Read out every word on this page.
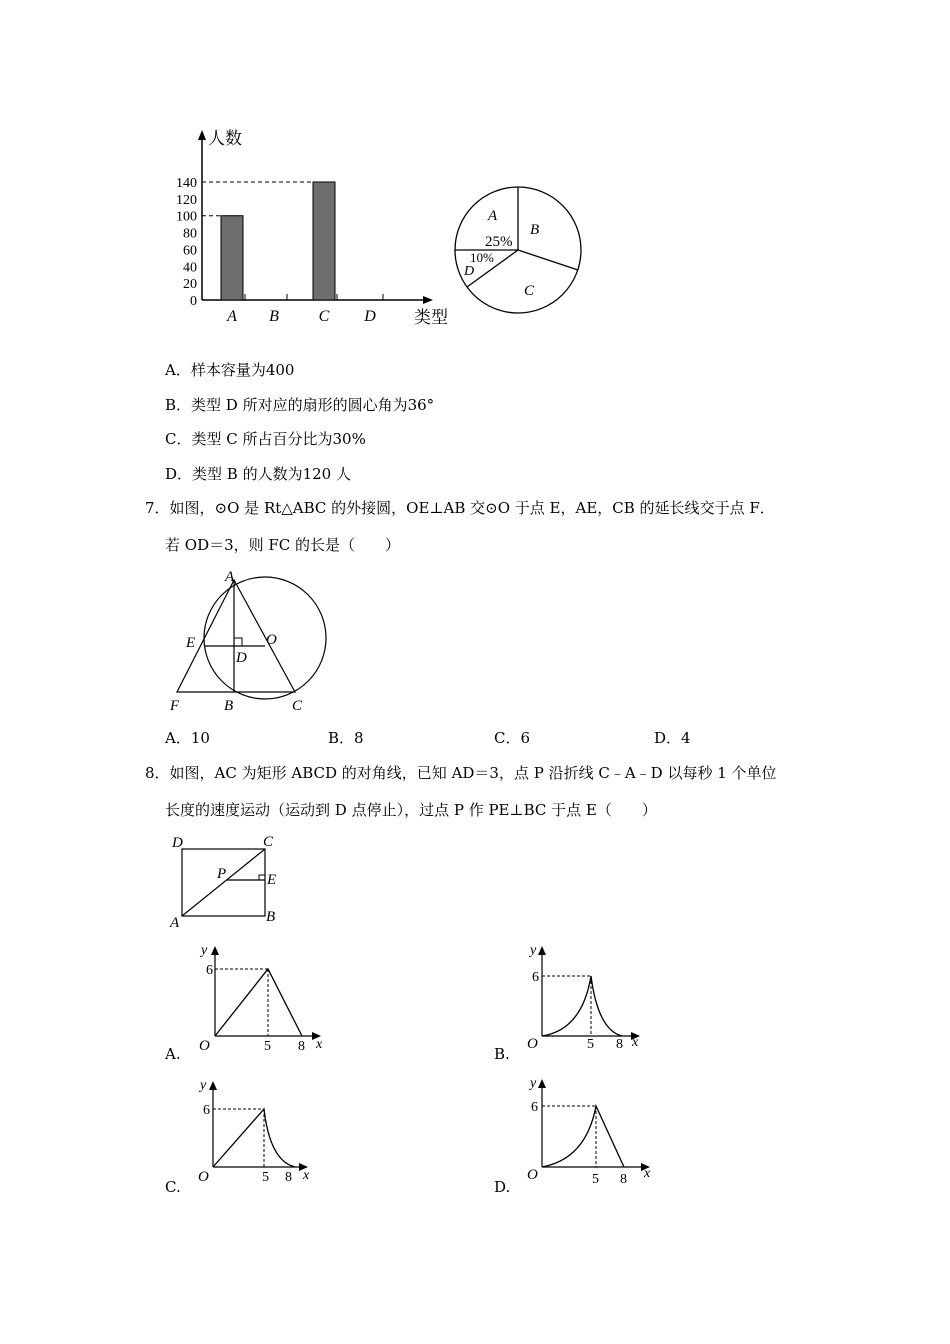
人数
类型
140
120
100
80
60
40
20
0
A B C D
A
25%
B
C
10%
D
A．样本容量为400
B．类型 D 所对应的扇形的圆心角为36°
C．类型 C 所占百分比为30%
D．类型 B 的人数为120 人
7．如图，⊙O 是 Rt△ABC 的外接圆，OE⊥AB 交⊙O 于点 E，AE，CB 的延长线交于点 F．
若 OD＝3，则 FC 的长是（　　）
A
E
D
O
F	B	C
A．10	B．8	C．6	D．4
8．如图，AC 为矩形 ABCD 的对角线，已知 AD＝3，点 P 沿折线 C﹣A﹣D 以每秒 1 个单位
长度的速度运动（运动到 D 点停止），过点 P 作 PE⊥BC 于点 E（　　）
D	C
P	E
A	B
A.
y
6
O	5 8 x
B.
y
6
O	5 8 x
C.
y
6
O	5 8 x
D.
y
6
O	5 8 x
